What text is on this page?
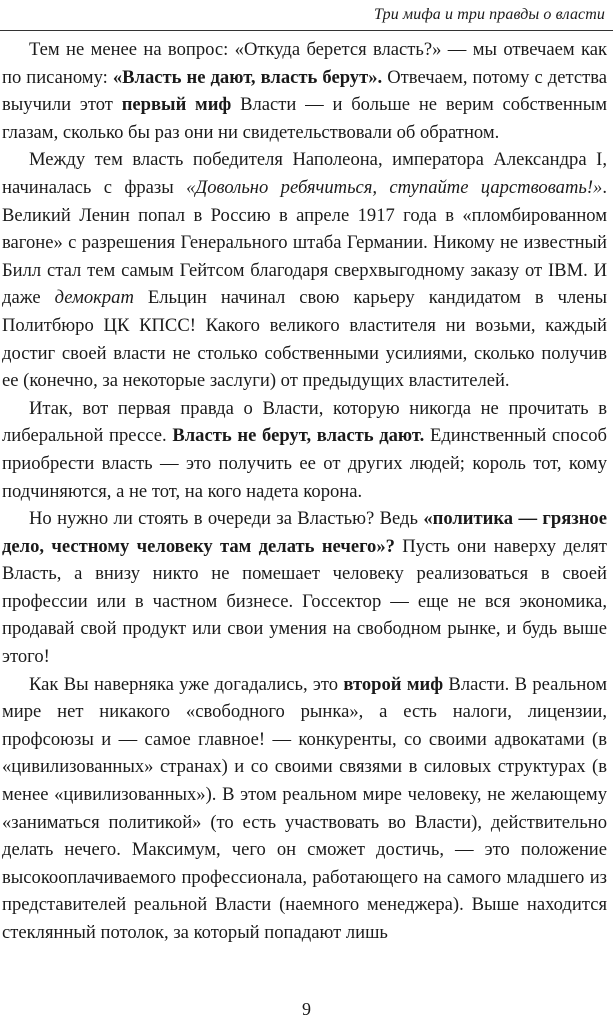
Три мифа и три правды о власти

Тем не менее на вопрос: «Откуда берется власть?» — мы отвечаем как по писаному: «Власть не дают, власть берут». Отвечаем, потому с детства выучили этот первый миф Власти — и больше не верим собственным глазам, сколько бы раз они ни свидетельствовали об обратном.

Между тем власть победителя Наполеона, императора Александра I, начиналась с фразы «Довольно ребячиться, ступайте царствовать!». Великий Ленин попал в Россию в апреле 1917 года в «пломбированном вагоне» с разрешения Генерального штаба Германии. Никому не известный Билл стал тем самым Гейтсом благодаря сверхвыгодному заказу от IBM. И даже демократ Ельцин начинал свою карьеру кандидатом в члены Политбюро ЦК КПСС! Какого великого властителя ни возьми, каждый достиг своей власти не столько собственными усилиями, сколько получив ее (конечно, за некоторые заслуги) от предыдущих властителей.

Итак, вот первая правда о Власти, которую никогда не прочитать в либеральной прессе. Власть не берут, власть дают. Единственный способ приобрести власть — это получить ее от других людей; король тот, кому подчиняются, а не тот, на кого надета корона.

Но нужно ли стоять в очереди за Властью? Ведь «политика — грязное дело, честному человеку там делать нечего»? Пусть они наверху делят Власть, а внизу никто не помешает человеку реализоваться в своей профессии или в частном бизнесе. Госсектор — еще не вся экономика, продавай свой продукт или свои умения на свободном рынке, и будь выше этого!

Как Вы наверняка уже догадались, это второй миф Власти. В реальном мире нет никакого «свободного рынка», а есть налоги, лицензии, профсоюзы и — самое главное! — конкуренты, со своими адвокатами (в «цивилизованных» странах) и со своими связями в силовых структурах (в менее «цивилизованных»). В этом реальном мире человеку, не желающему «заниматься политикой» (то есть участвовать во Власти), действительно делать нечего. Максимум, чего он сможет достичь, — это положение высокооплачиваемого профессионала, работающего на самого младшего из представителей реальной Власти (наемного менеджера). Выше находится стеклянный потолок, за который попадают лишь

9
